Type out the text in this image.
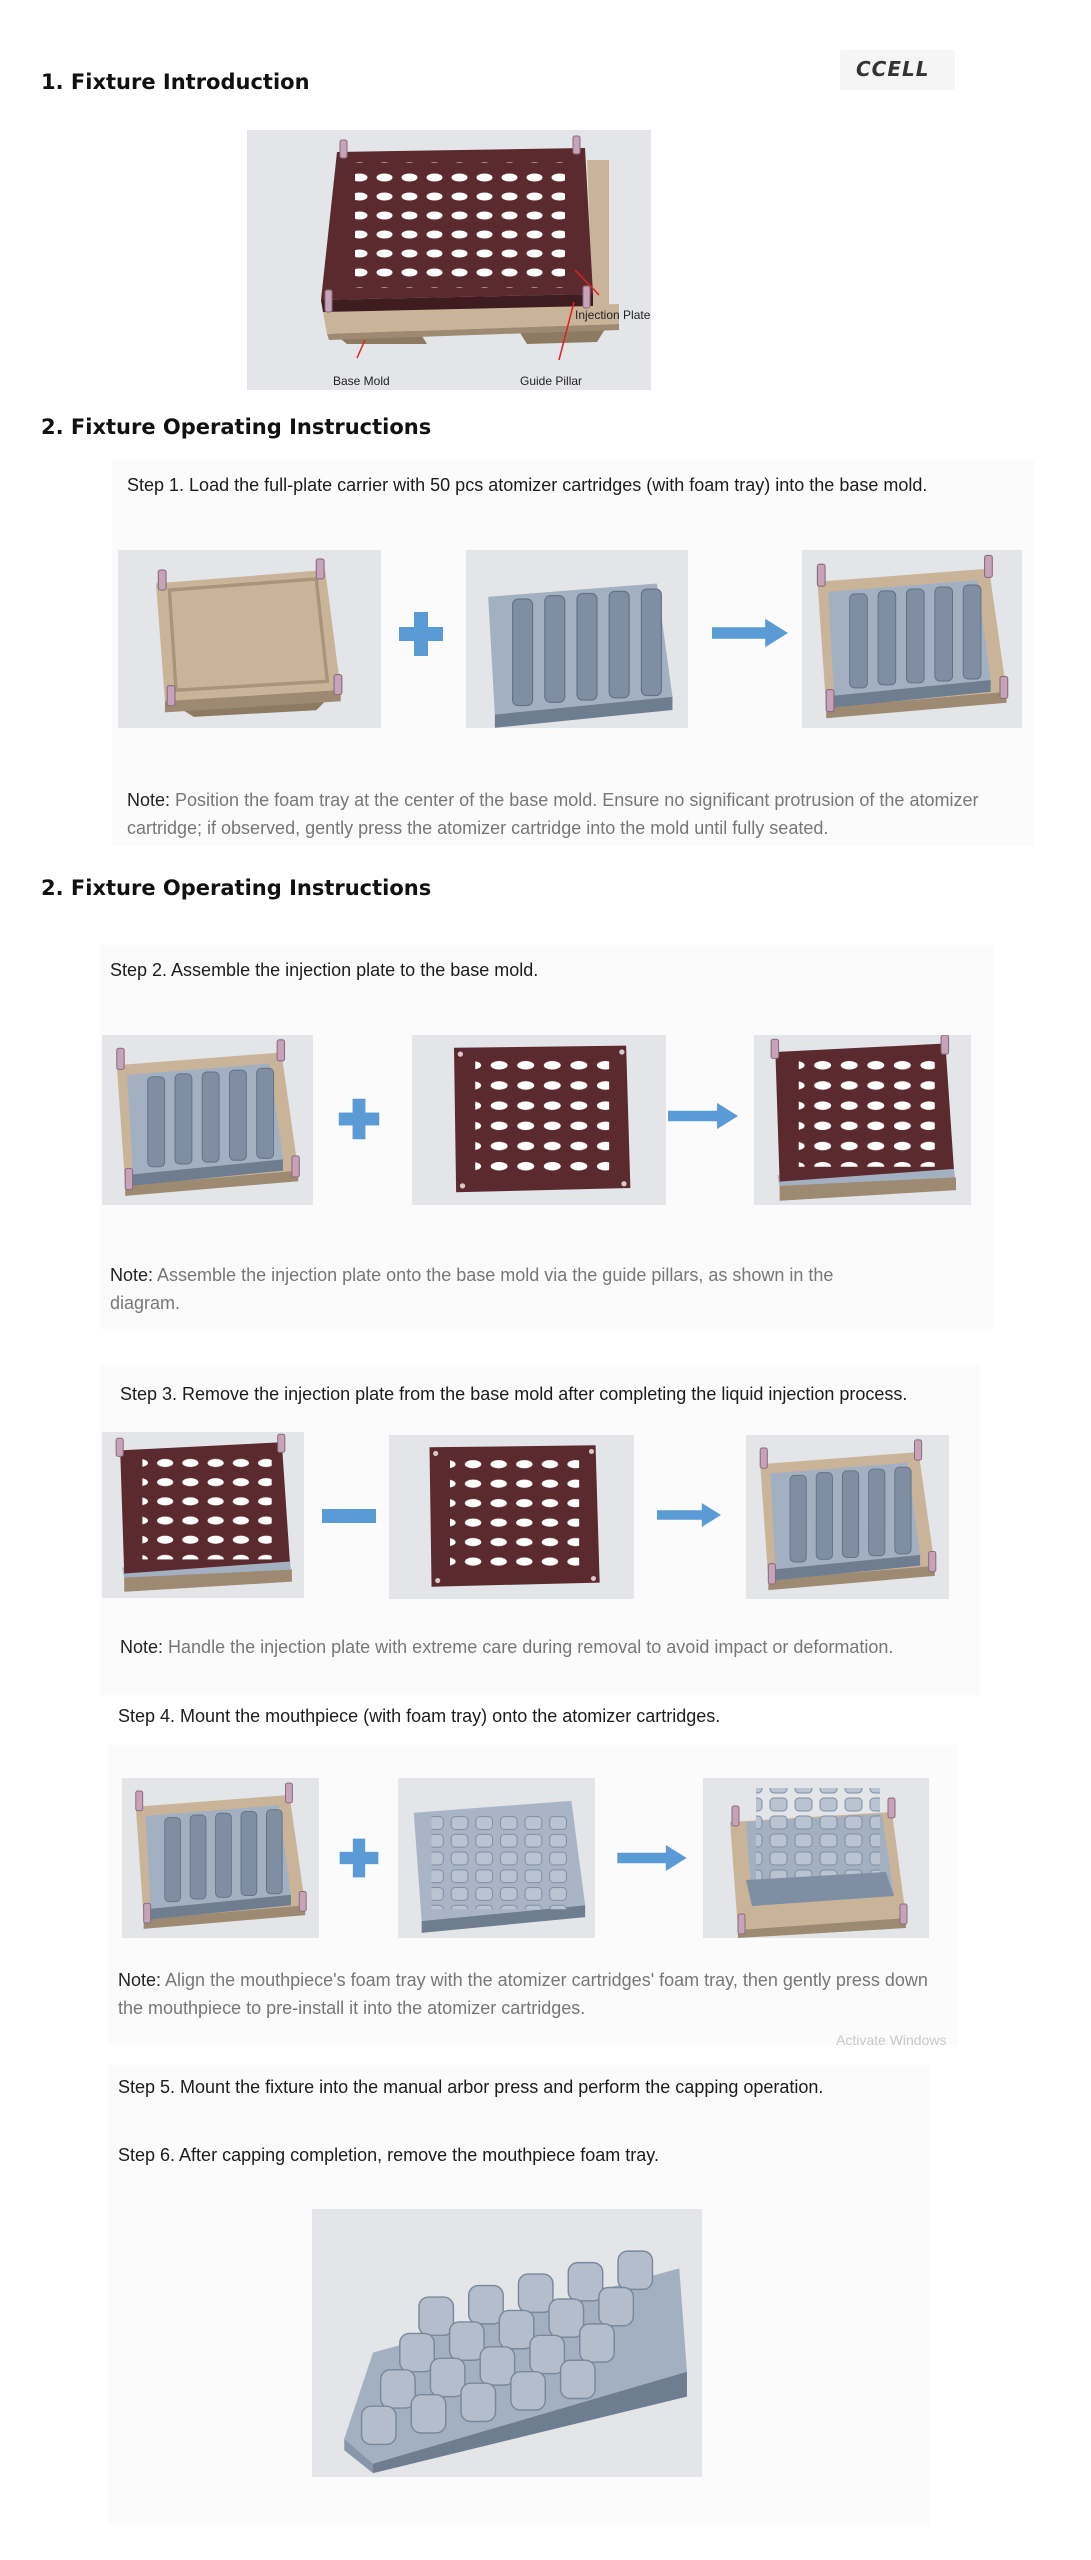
CCELL
1. Fixture Introduction
Injection Plate
Base Mold	Guide Pillar
2. Fixture Operating Instructions
Step 1. Load the full-plate carrier with 50 pcs atomizer cartridges (with foam tray) into the base mold.
Note: Position the foam tray at the center of the base mold. Ensure no significant protrusion of the atomizer cartridge; if observed, gently press the atomizer cartridge into the mold until fully seated.
2. Fixture Operating Instructions
Step 2. Assemble the injection plate to the base mold.
Note: Assemble the injection plate onto the base mold via the guide pillars, as shown in the diagram.
Step 3. Remove the injection plate from the base mold after completing the liquid injection process.
Note: Handle the injection plate with extreme care during removal to avoid impact or deformation.
Step 4. Mount the mouthpiece (with foam tray) onto the atomizer cartridges.
Note: Align the mouthpiece's foam tray with the atomizer cartridges' foam tray, then gently press down the mouthpiece to pre-install it into the atomizer cartridges.
Activate Windows
Step 5. Mount the fixture into the manual arbor press and perform the capping operation.
Step 6. After capping completion, remove the mouthpiece foam tray.
